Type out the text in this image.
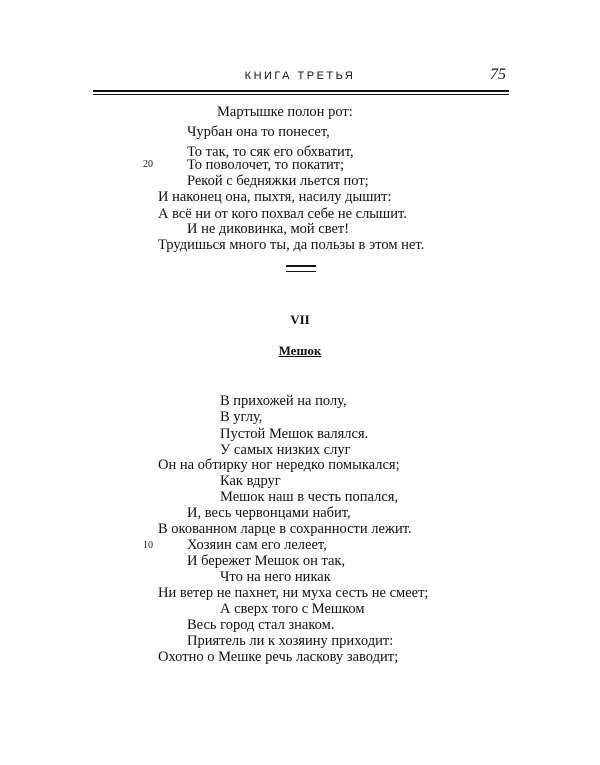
КНИГА ТРЕТЬЯ	75
Мартышке полон рот:
Чурбан она то понесет,
То так, то сяк его обхватит,
20 То поволочет, то покатит;
Рекой с бедняжки льется пот;
И наконец она, пыхтя, насилу дышит:
А всё ни от кого похвал себе не слышит.
И не диковинка, мой свет!
Трудишься много ты, да пользы в этом нет.
VII
Мешок
В прихожей на полу,
В углу,
Пустой Мешок валялся.
У самых низких слуг
Он на обтирку ног нередко помыкался;
Как вдруг
Мешок наш в честь попался,
И, весь червонцами набит,
В окованном ларце в сохранности лежит.
10 Хозяин сам его лелеет,
И бережет Мешок он так,
Что на него никак
Ни ветер не пахнет, ни муха сесть не смеет;
А сверх того с Мешком
Весь город стал знаком.
Приятель ли к хозяину приходит:
Охотно о Мешке речь ласкову заводит;
